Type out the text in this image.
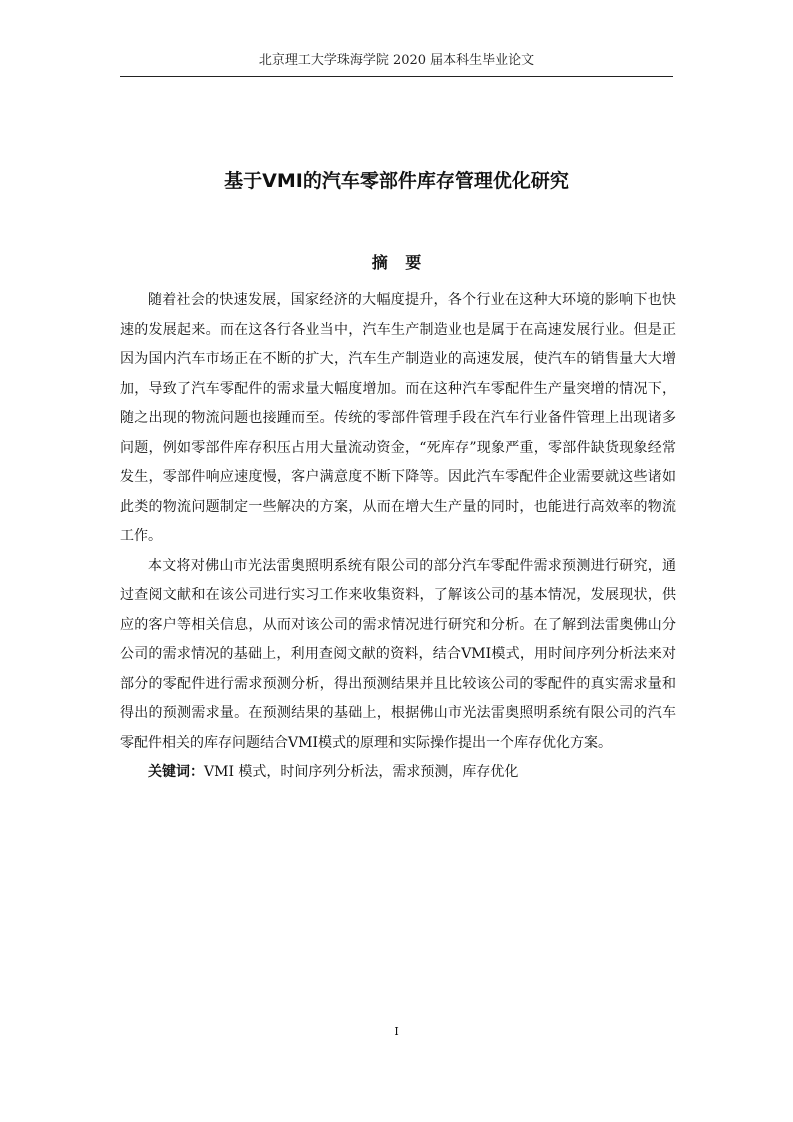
北京理工大学珠海学院 2020 届本科生毕业论文
基于VMI的汽车零部件库存管理优化研究
摘要

随着社会的快速发展，国家经济的大幅度提升，各个行业在这种大环境的影响下也快速的发展起来。而在这各行各业当中，汽车生产制造业也是属于在高速发展行业。但是正因为国内汽车市场正在不断的扩大，汽车生产制造业的高速发展，使汽车的销售量大大增加，导致了汽车零配件的需求量大幅度增加。而在这种汽车零配件生产量突增的情况下，随之出现的物流问题也接踵而至。传统的零部件管理手段在汽车行业备件管理上出现诸多问题，例如零部件库存积压占用大量流动资金，“死库存”现象严重，零部件缺货现象经常发生，零部件响应速度慢，客户满意度不断下降等。因此汽车零配件企业需要就这些诸如此类的物流问题制定一些解决的方案，从而在增大生产量的同时，也能进行高效率的物流工作。

本文将对佛山市光法雷奥照明系统有限公司的部分汽车零配件需求预测进行研究，通过查阅文献和在该公司进行实习工作来收集资料，了解该公司的基本情况，发展现状，供应的客户等相关信息，从而对该公司的需求情况进行研究和分析。在了解到法雷奥佛山分公司的需求情况的基础上，利用查阅文献的资料，结合VMI模式，用时间序列分析法来对部分的零配件进行需求预测分析，得出预测结果并且比较该公司的零配件的真实需求量和得出的预测需求量。在预测结果的基础上，根据佛山市光法雷奥照明系统有限公司的汽车零配件相关的库存问题结合VMI模式的原理和实际操作提出一个库存优化方案。

关键词：VMI 模式，时间序列分析法，需求预测，库存优化

I
